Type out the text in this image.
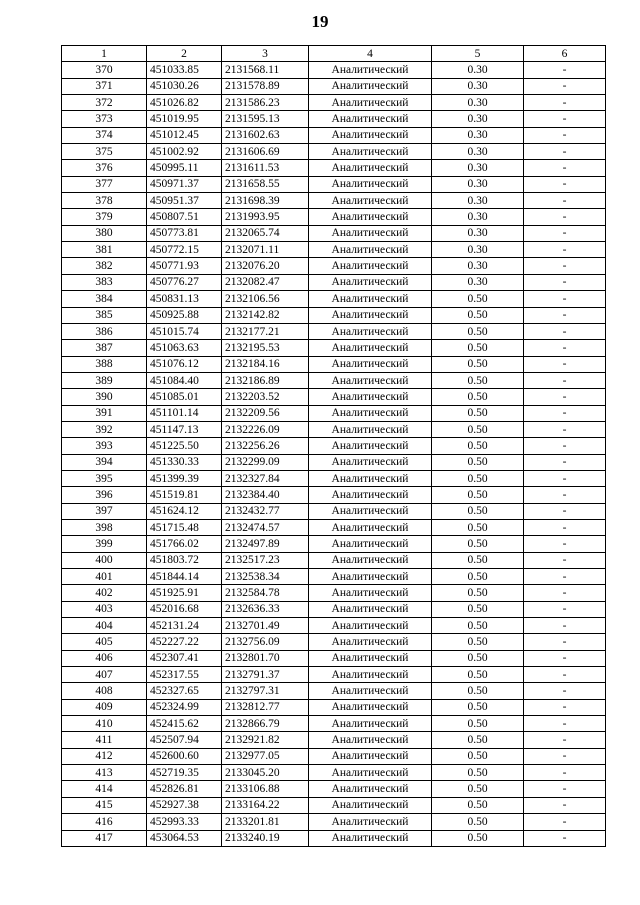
19
1	2	3	4	5	6
370	451033.85	2131568.11	Аналитический	0.30	-
371	451030.26	2131578.89	Аналитический	0.30	-
372	451026.82	2131586.23	Аналитический	0.30	-
373	451019.95	2131595.13	Аналитический	0.30	-
374	451012.45	2131602.63	Аналитический	0.30	-
375	451002.92	2131606.69	Аналитический	0.30	-
376	450995.11	2131611.53	Аналитический	0.30	-
377	450971.37	2131658.55	Аналитический	0.30	-
378	450951.37	2131698.39	Аналитический	0.30	-
379	450807.51	2131993.95	Аналитический	0.30	-
380	450773.81	2132065.74	Аналитический	0.30	-
381	450772.15	2132071.11	Аналитический	0.30	-
382	450771.93	2132076.20	Аналитический	0.30	-
383	450776.27	2132082.47	Аналитический	0.30	-
384	450831.13	2132106.56	Аналитический	0.50	-
385	450925.88	2132142.82	Аналитический	0.50	-
386	451015.74	2132177.21	Аналитический	0.50	-
387	451063.63	2132195.53	Аналитический	0.50	-
388	451076.12	2132184.16	Аналитический	0.50	-
389	451084.40	2132186.89	Аналитический	0.50	-
390	451085.01	2132203.52	Аналитический	0.50	-
391	451101.14	2132209.56	Аналитический	0.50	-
392	451147.13	2132226.09	Аналитический	0.50	-
393	451225.50	2132256.26	Аналитический	0.50	-
394	451330.33	2132299.09	Аналитический	0.50	-
395	451399.39	2132327.84	Аналитический	0.50	-
396	451519.81	2132384.40	Аналитический	0.50	-
397	451624.12	2132432.77	Аналитический	0.50	-
398	451715.48	2132474.57	Аналитический	0.50	-
399	451766.02	2132497.89	Аналитический	0.50	-
400	451803.72	2132517.23	Аналитический	0.50	-
401	451844.14	2132538.34	Аналитический	0.50	-
402	451925.91	2132584.78	Аналитический	0.50	-
403	452016.68	2132636.33	Аналитический	0.50	-
404	452131.24	2132701.49	Аналитический	0.50	-
405	452227.22	2132756.09	Аналитический	0.50	-
406	452307.41	2132801.70	Аналитический	0.50	-
407	452317.55	2132791.37	Аналитический	0.50	-
408	452327.65	2132797.31	Аналитический	0.50	-
409	452324.99	2132812.77	Аналитический	0.50	-
410	452415.62	2132866.79	Аналитический	0.50	-
411	452507.94	2132921.82	Аналитический	0.50	-
412	452600.60	2132977.05	Аналитический	0.50	-
413	452719.35	2133045.20	Аналитический	0.50	-
414	452826.81	2133106.88	Аналитический	0.50	-
415	452927.38	2133164.22	Аналитический	0.50	-
416	452993.33	2133201.81	Аналитический	0.50	-
417	453064.53	2133240.19	Аналитический	0.50	-
